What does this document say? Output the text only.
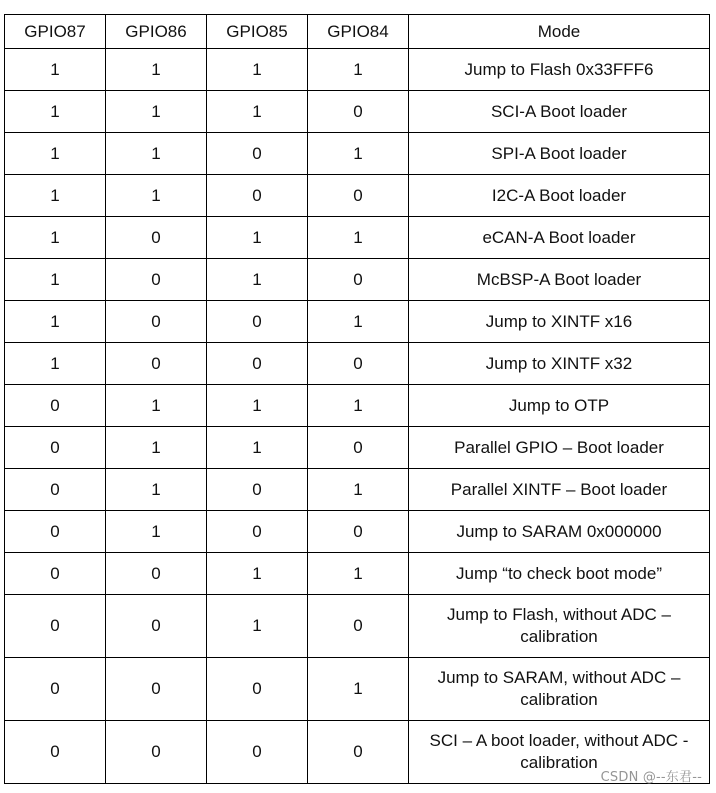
GPIO87	GPIO86	GPIO85	GPIO84	Mode
1	1	1	1	Jump to Flash 0x33FFF6
1	1	1	0	SCI-A Boot loader
1	1	0	1	SPI-A Boot loader
1	1	0	0	I2C-A Boot loader
1	0	1	1	eCAN-A Boot loader
1	0	1	0	McBSP-A Boot loader
1	0	0	1	Jump to XINTF x16
1	0	0	0	Jump to XINTF x32
0	1	1	1	Jump to OTP
0	1	1	0	Parallel GPIO – Boot loader
0	1	0	1	Parallel XINTF – Boot loader
0	1	0	0	Jump to SARAM 0x000000
0	0	1	1	Jump “to check boot mode”
0	0	1	0	Jump to Flash, without ADC – calibration
0	0	0	1	Jump to SARAM, without ADC – calibration
0	0	0	0	SCI – A boot loader, without ADC - calibration
CSDN @--东君--
